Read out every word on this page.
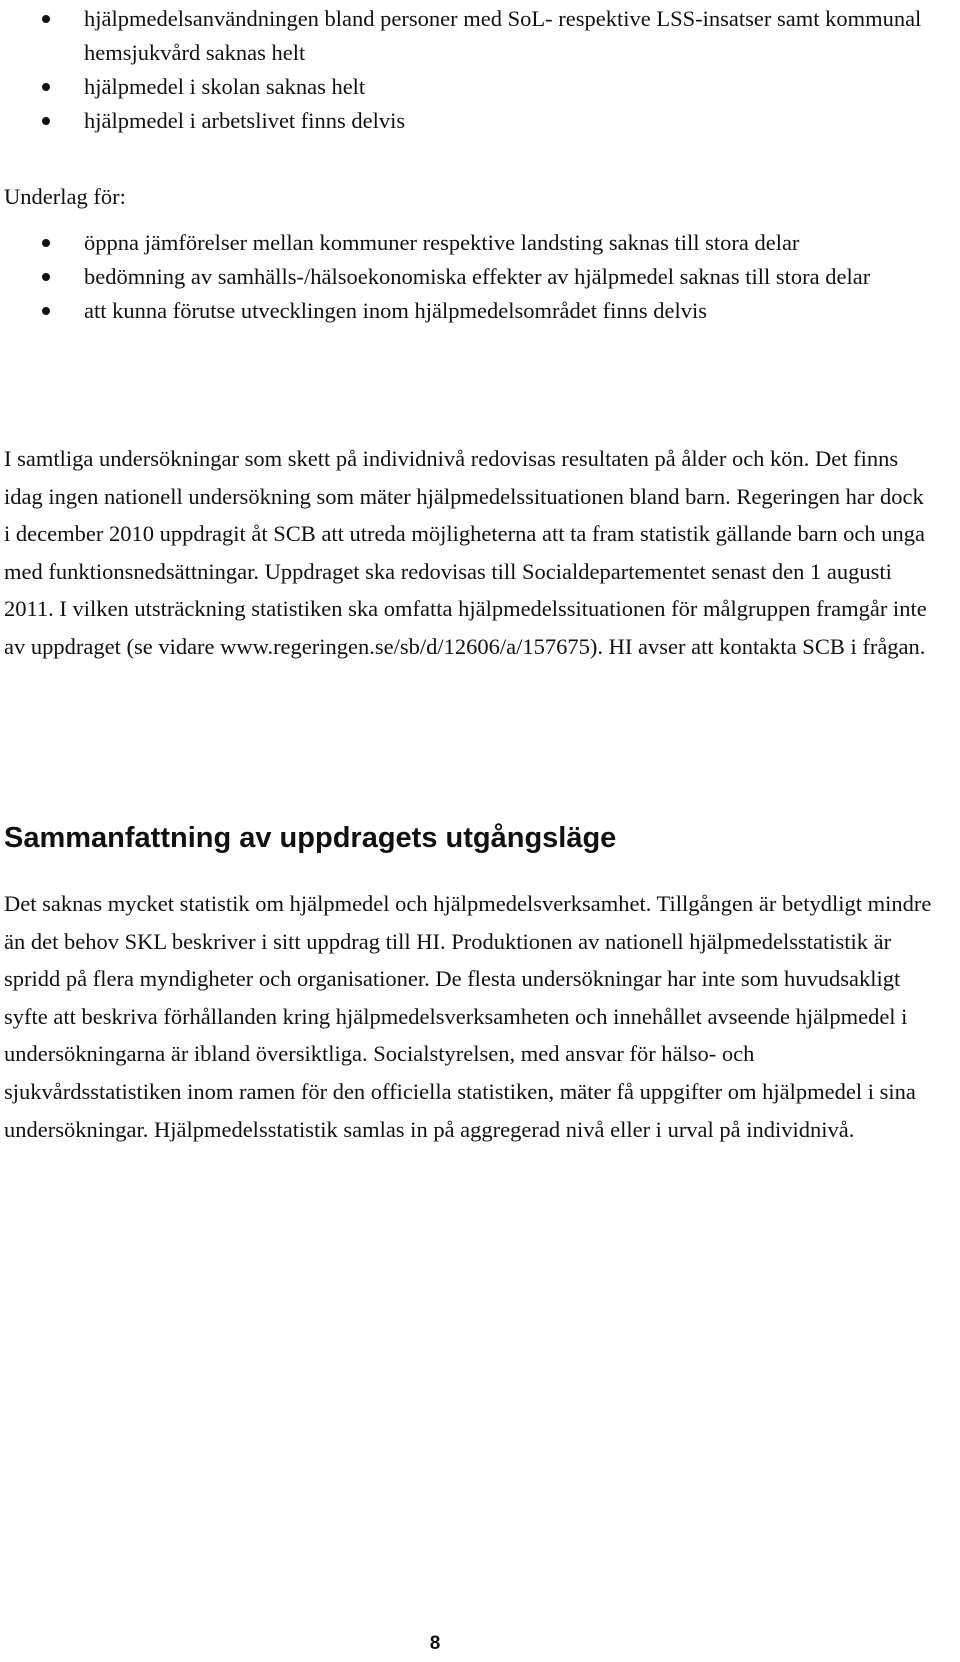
hjälpmedelsanvändningen bland personer med SoL- respektive LSS-insatser samt kommunal hemsjukvård saknas helt
hjälpmedel i skolan saknas helt
hjälpmedel i arbetslivet finns delvis

Underlag för:

öppna jämförelser mellan kommuner respektive landsting saknas till stora delar
bedömning av samhälls-/hälsoekonomiska effekter av hjälpmedel saknas till stora delar
att kunna förutse utvecklingen inom hjälpmedelsområdet finns delvis

I samtliga undersökningar som skett på individnivå redovisas resultaten på ålder och kön. Det finns idag ingen nationell undersökning som mäter hjälpmedelssituationen bland barn. Regeringen har dock i december 2010 uppdragit åt SCB att utreda möjligheterna att ta fram statistik gällande barn och unga med funktionsnedsättningar. Uppdraget ska redovisas till Socialdepartementet senast den 1 augusti 2011. I vilken utsträckning statistiken ska omfatta hjälpmedelssituationen för målgruppen framgår inte av uppdraget (se vidare www.regeringen.se/sb/d/12606/a/157675). HI avser att kontakta SCB i frågan.

Sammanfattning av uppdragets utgångsläge

Det saknas mycket statistik om hjälpmedel och hjälpmedelsverksamhet. Tillgången är betydligt mindre än det behov SKL beskriver i sitt uppdrag till HI. Produktionen av nationell hjälpmedelsstatistik är spridd på flera myndigheter och organisationer. De flesta undersökningar har inte som huvudsakligt syfte att beskriva förhållanden kring hjälpmedelsverksamheten och innehållet avseende hjälpmedel i undersökningarna är ibland översiktliga. Socialstyrelsen, med ansvar för hälso- och sjukvårdsstatistiken inom ramen för den officiella statistiken, mäter få uppgifter om hjälpmedel i sina undersökningar. Hjälpmedelsstatistik samlas in på aggregerad nivå eller i urval på individnivå.

8
